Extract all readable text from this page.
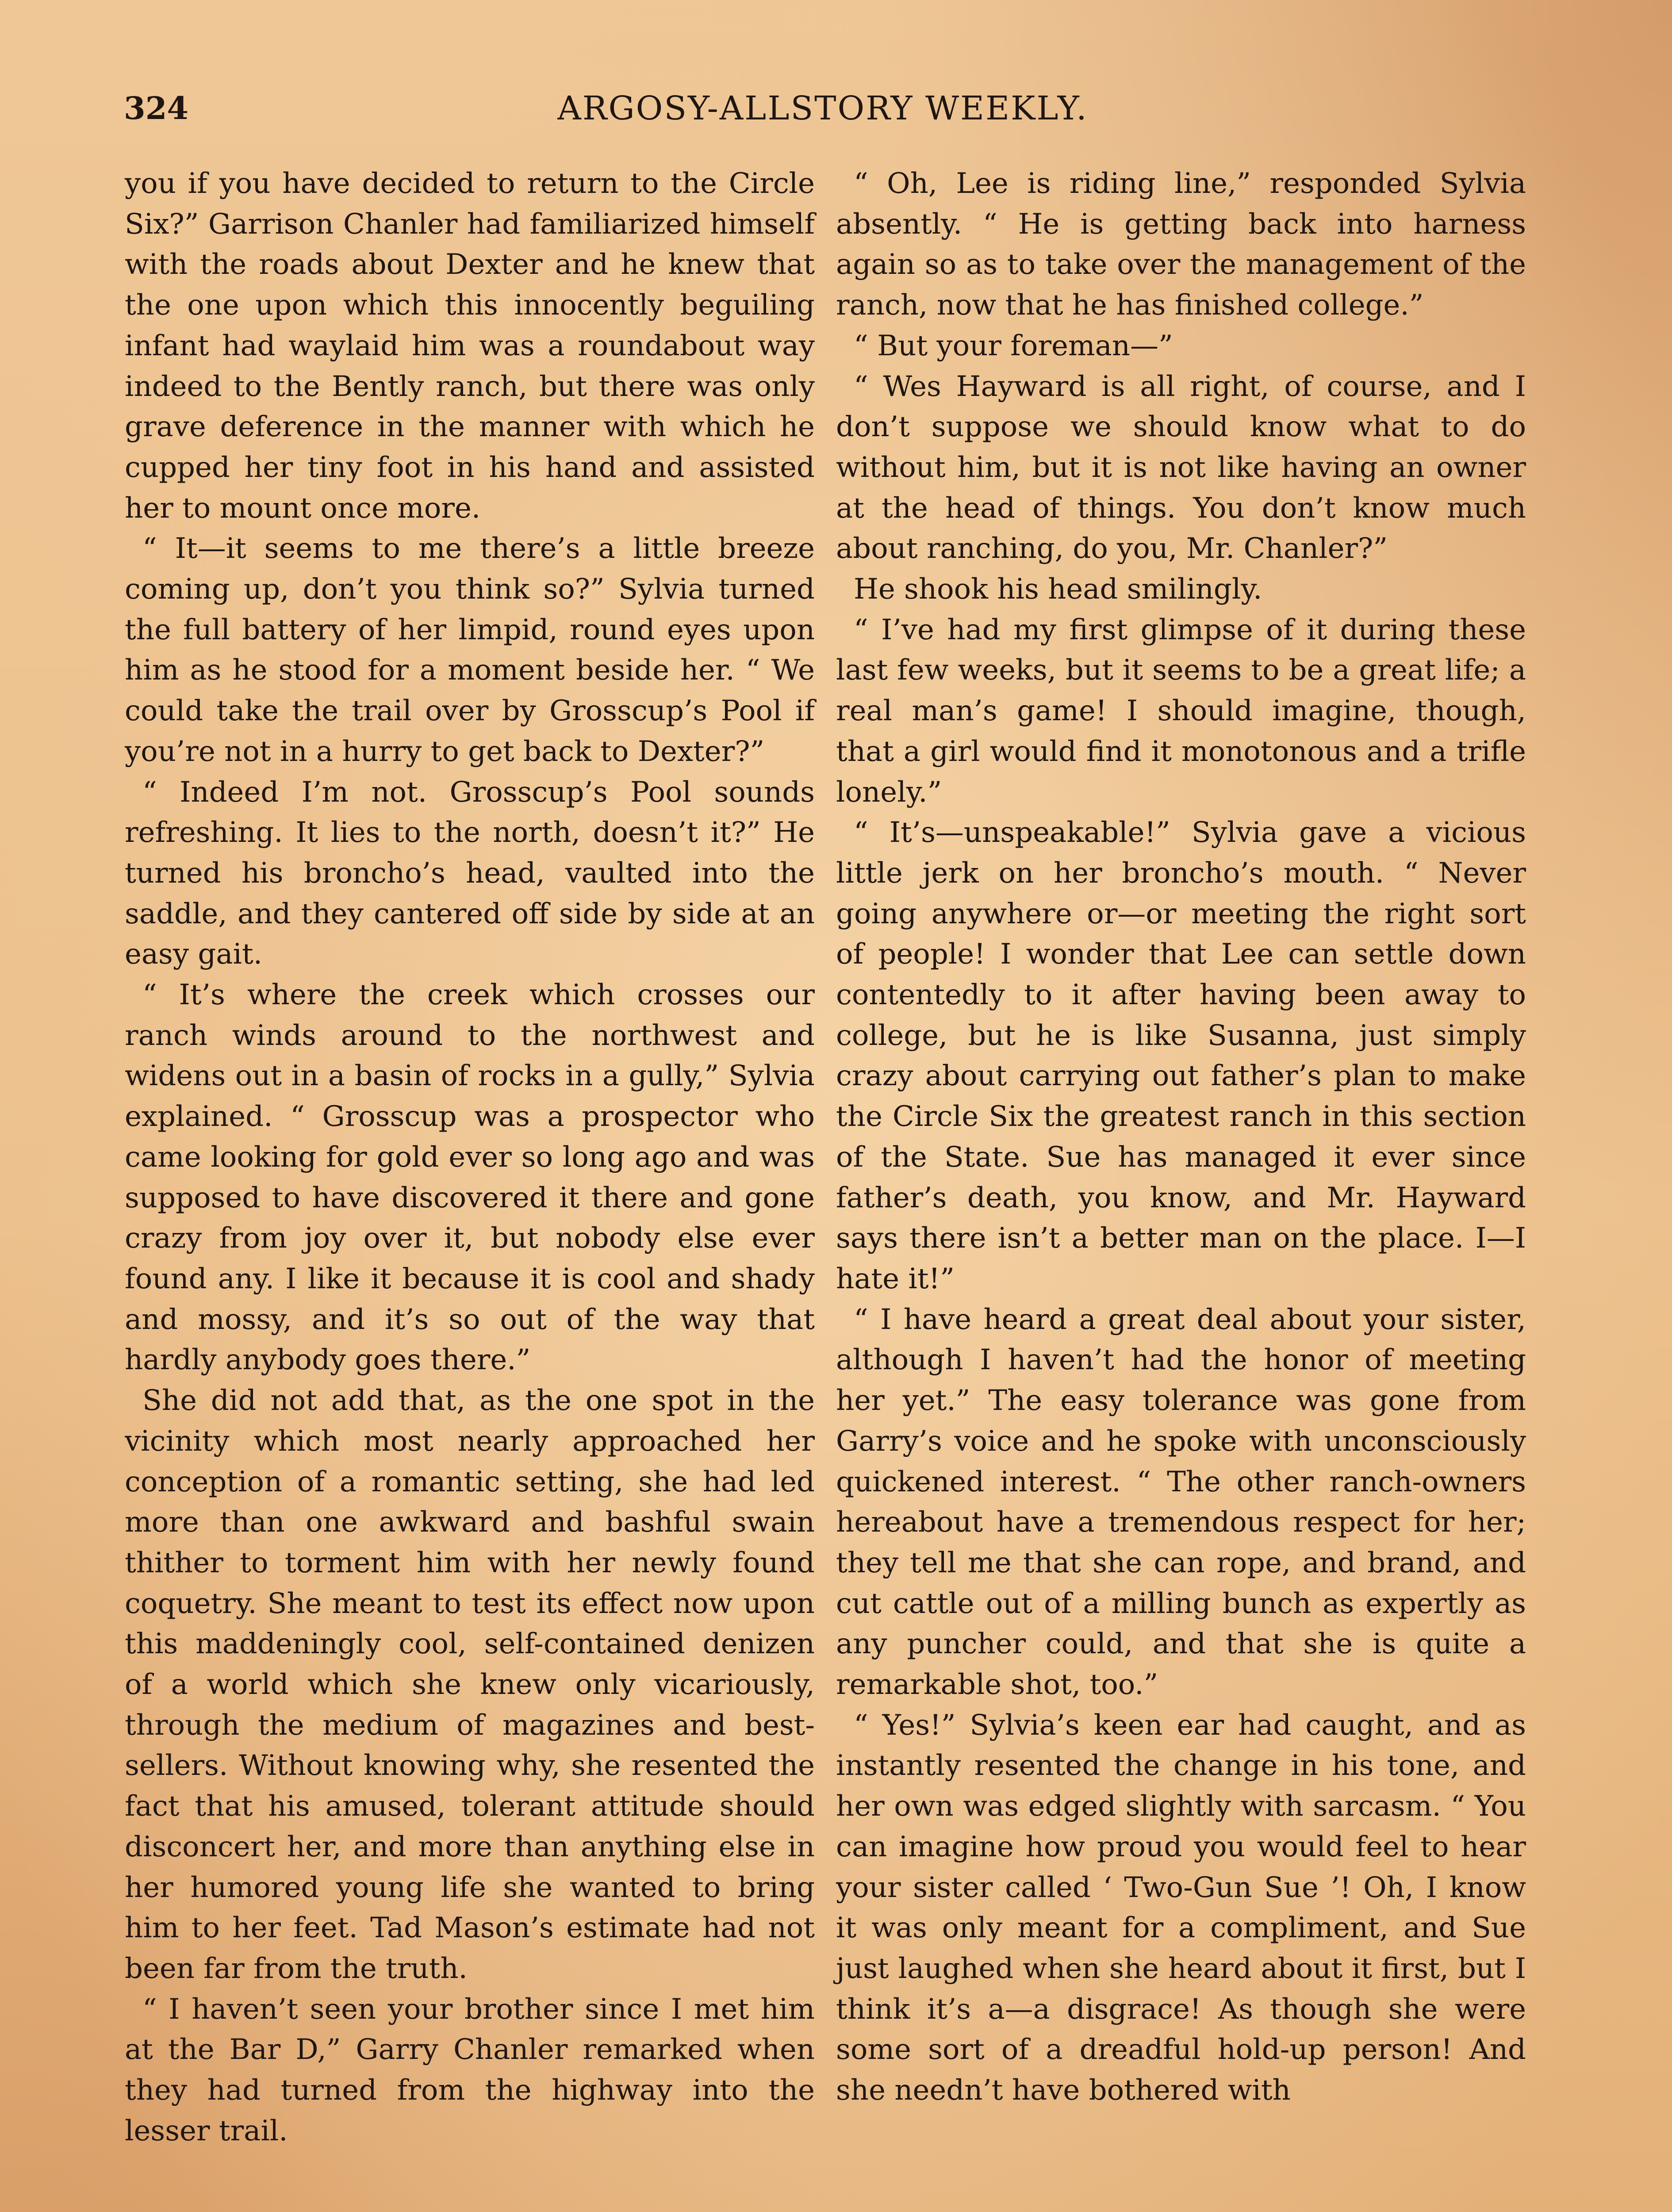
324	ARGOSY-ALLSTORY WEEKLY.

you if you have decided to return to the Circle Six?” Garrison Chanler had familiarized himself with the roads about Dexter and he knew that the one upon which this innocently beguiling infant had waylaid him was a roundabout way indeed to the Bently ranch, but there was only grave deference in the manner with which he cupped her tiny foot in his hand and assisted her to mount once more.

“ It—it seems to me there’s a little breeze coming up, don’t you think so?” Sylvia turned the full battery of her limpid, round eyes upon him as he stood for a moment beside her. “ We could take the trail over by Grosscup’s Pool if you’re not in a hurry to get back to Dexter?”

“ Indeed I’m not. Grosscup’s Pool sounds refreshing. It lies to the north, doesn’t it?” He turned his broncho’s head, vaulted into the saddle, and they cantered off side by side at an easy gait.

“ It’s where the creek which crosses our ranch winds around to the northwest and widens out in a basin of rocks in a gully,” Sylvia explained. “ Grosscup was a prospector who came looking for gold ever so long ago and was supposed to have discovered it there and gone crazy from joy over it, but nobody else ever found any. I like it because it is cool and shady and mossy, and it’s so out of the way that hardly anybody goes there.”

She did not add that, as the one spot in the vicinity which most nearly approached her conception of a romantic setting, she had led more than one awkward and bashful swain thither to torment him with her newly found coquetry. She meant to test its effect now upon this maddeningly cool, self-contained denizen of a world which she knew only vicariously, through the medium of magazines and best-sellers. Without knowing why, she resented the fact that his amused, tolerant attitude should disconcert her, and more than anything else in her humored young life she wanted to bring him to her feet. Tad Mason’s estimate had not been far from the truth.

“ I haven’t seen your brother since I met him at the Bar D,” Garry Chanler remarked when they had turned from the highway into the lesser trail.

“ Oh, Lee is riding line,” responded Sylvia absently. “ He is getting back into harness again so as to take over the management of the ranch, now that he has finished college.”

“ But your foreman—”

“ Wes Hayward is all right, of course, and I don’t suppose we should know what to do without him, but it is not like having an owner at the head of things. You don’t know much about ranching, do you, Mr. Chanler?”

He shook his head smilingly.

“ I’ve had my first glimpse of it during these last few weeks, but it seems to be a great life; a real man’s game! I should imagine, though, that a girl would find it monotonous and a trifle lonely.”

“ It’s—unspeakable!” Sylvia gave a vicious little jerk on her broncho’s mouth. “ Never going anywhere or—or meeting the right sort of people! I wonder that Lee can settle down contentedly to it after having been away to college, but he is like Susanna, just simply crazy about carrying out father’s plan to make the Circle Six the greatest ranch in this section of the State. Sue has managed it ever since father’s death, you know, and Mr. Hayward says there isn’t a better man on the place. I—I hate it!”

“ I have heard a great deal about your sister, although I haven’t had the honor of meeting her yet.” The easy tolerance was gone from Garry’s voice and he spoke with unconsciously quickened interest. “ The other ranch-owners hereabout have a tremendous respect for her; they tell me that she can rope, and brand, and cut cattle out of a milling bunch as expertly as any puncher could, and that she is quite a remarkable shot, too.”

“ Yes!” Sylvia’s keen ear had caught, and as instantly resented the change in his tone, and her own was edged slightly with sarcasm. “ You can imagine how proud you would feel to hear your sister called ‘ Two-Gun Sue ’! Oh, I know it was only meant for a compliment, and Sue just laughed when she heard about it first, but I think it’s a—a disgrace! As though she were some sort of a dreadful hold-up person! And she needn’t have bothered with
